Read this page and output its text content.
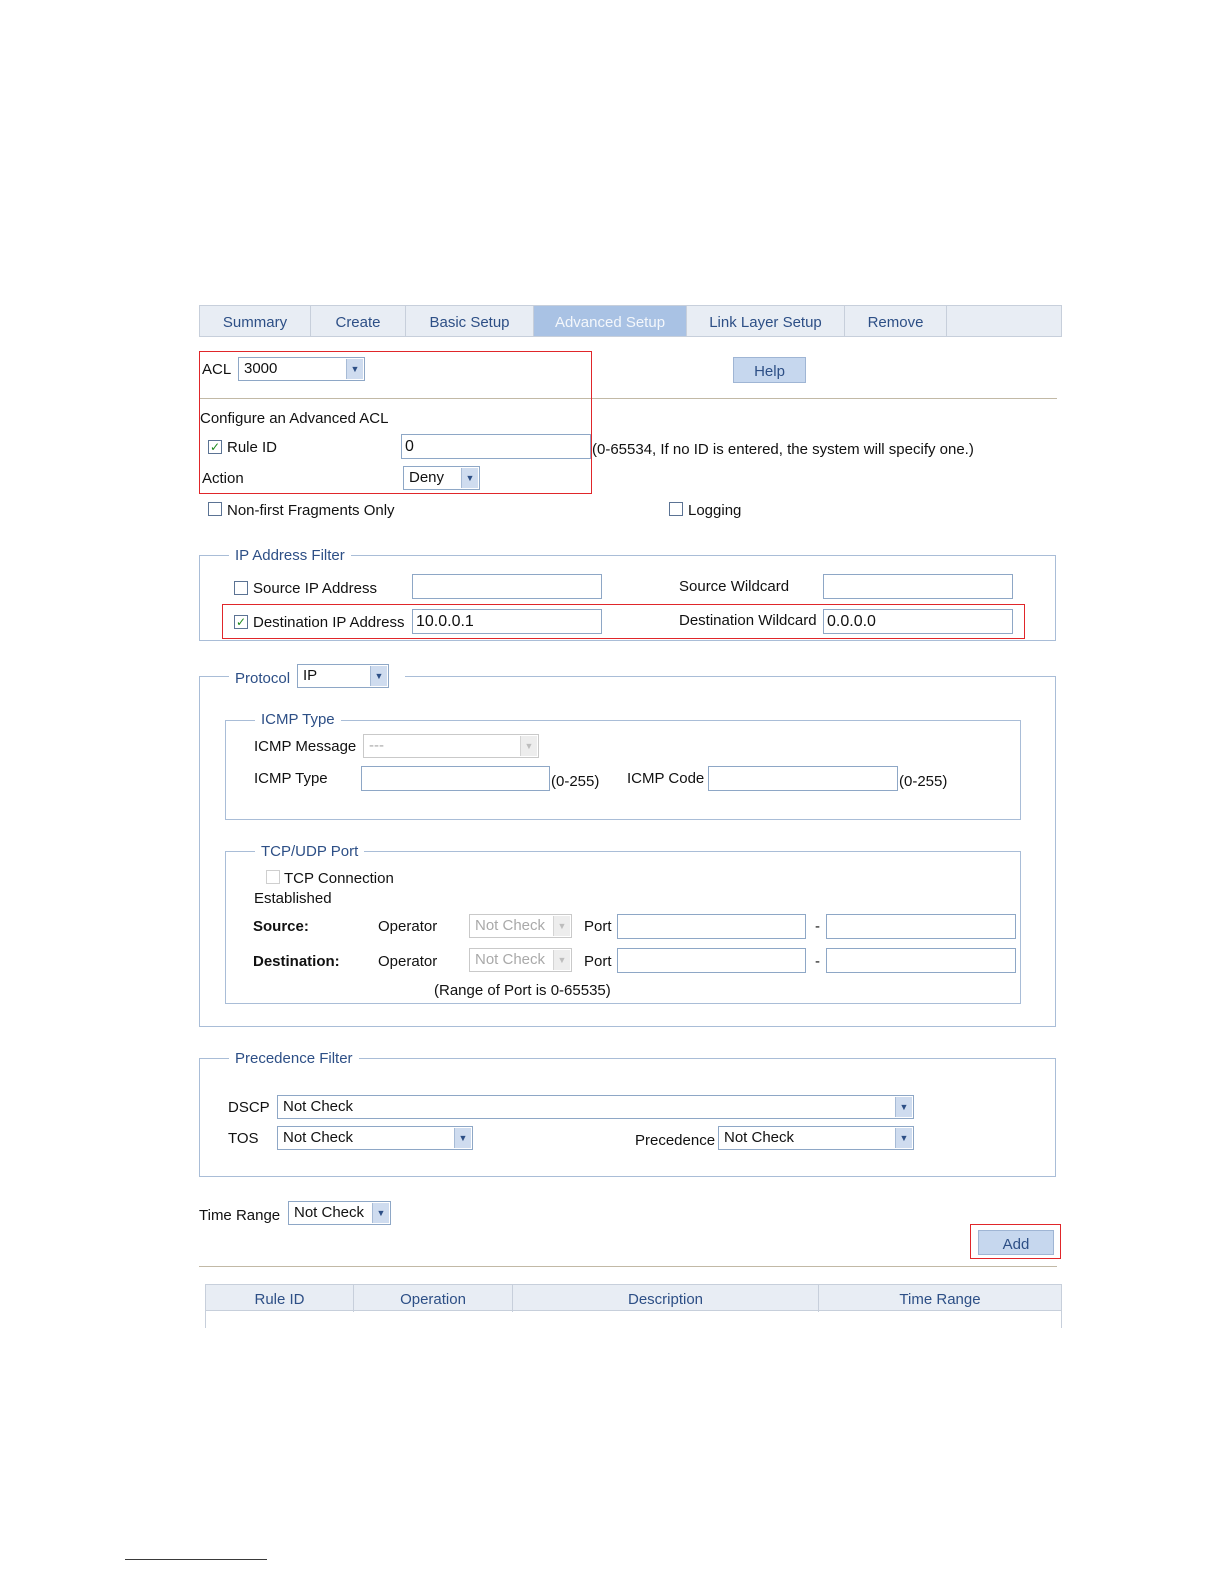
Summary	Create	Basic Setup	Advanced Setup	Link Layer Setup	Remove
ACL 3000	▼	Help
Configure an Advanced ACL
✓ Rule ID	0	(0-65534, If no ID is entered, the system will specify one.)
Action	Deny	▼
Non-first Fragments Only	Logging
IP Address Filter
Source IP Address	Source Wildcard
✓ Destination IP Address 10.0.0.1	Destination Wildcard 0.0.0.0
Protocol IP	▼
ICMP Type
ICMP Message ---	▼
ICMP Type	(0-255) ICMP Code	(0-255)
TCP/UDP Port
TCP Connection
Established
Source:	Operator	Not Check	▼ Port	-
Destination:	Operator	Not Check	▼ Port	-
(Range of Port is 0-65535)
Precedence Filter
DSCP Not Check	▼
TOS	Not Check	▼	Precedence Not Check	▼
Time Range Not Check	▼
Add
Rule ID	Operation	Description	Time Range
